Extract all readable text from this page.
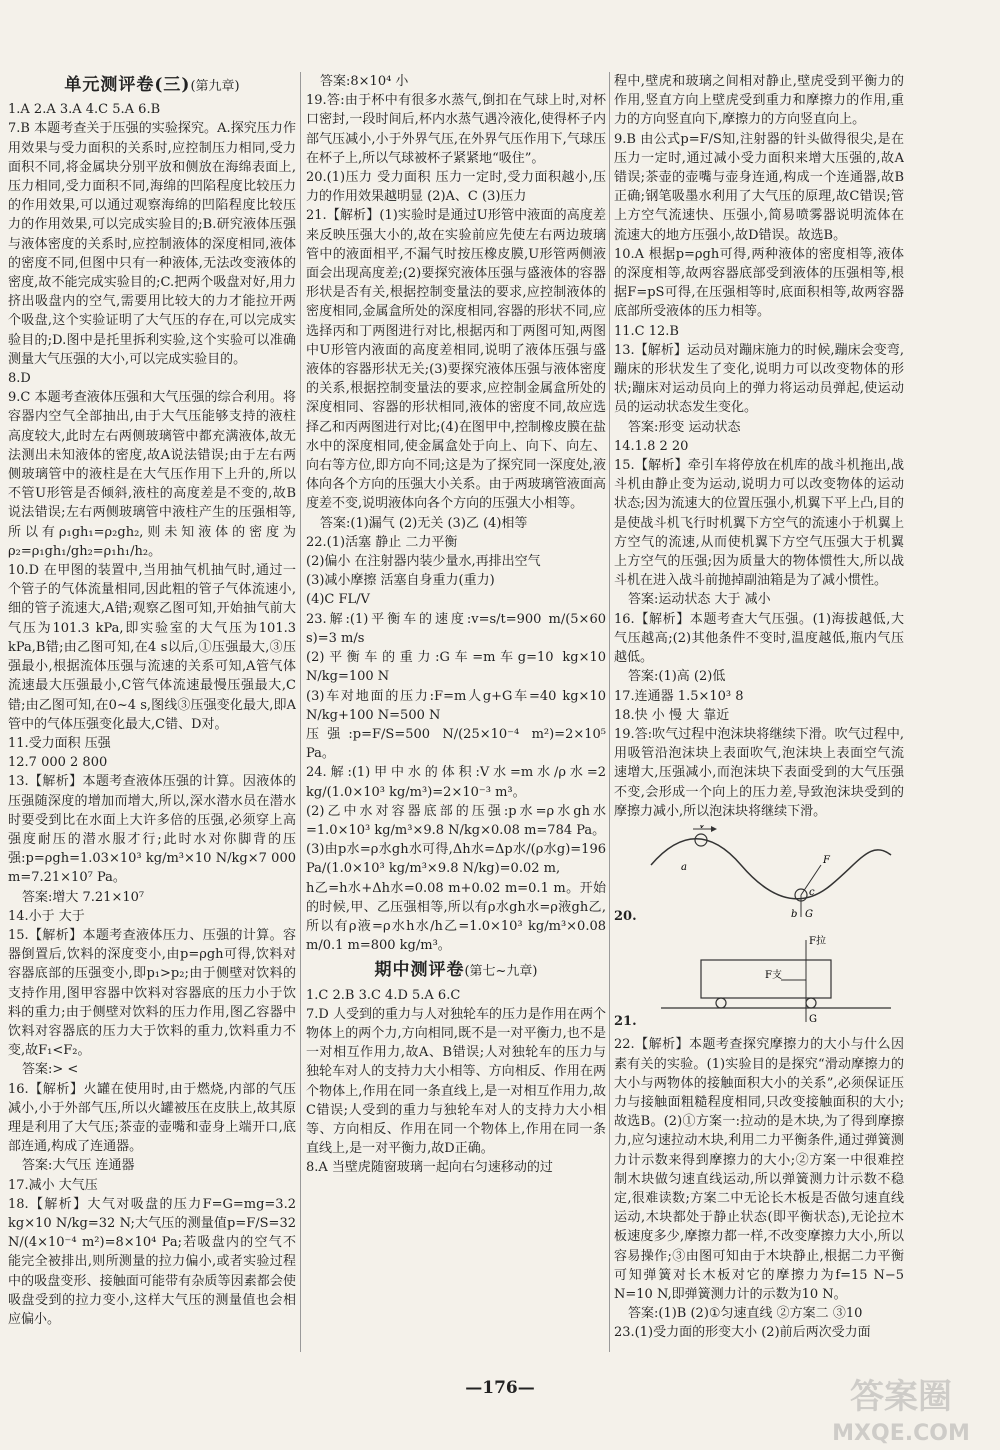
单元测评卷(三)(第九章)

1.A 2.A 3.A 4.C 5.A 6.B

7.B 本题考查关于压强的实验探究。A.探究压力作用效果与受力面积的关系时,应控制压力相同,受力面积不同,将金属块分别平放和侧放在海绵表面上,压力相同,受力面积不同,海绵的凹陷程度比较压力的作用效果,可以通过观察海绵的凹陷程度比较压力的作用效果,可以完成实验目的;B.研究液体压强与液体密度的关系时,应控制液体的深度相同,液体的密度不同,但图中只有一种液体,无法改变液体的密度,故不能完成实验目的;C.把两个吸盘对好,用力挤出吸盘内的空气,需要用比较大的力才能拉开两个吸盘,这个实验证明了大气压的存在,可以完成实验目的;D.图中是托里拆利实验,这个实验可以准确测量大气压强的大小,可以完成实验目的。

8.D

9.C 本题考查液体压强和大气压强的综合利用。将容器内空气全部抽出,由于大气压能够支持的液柱高度较大,此时左右两侧玻璃管中都充满液体,故无法测出未知液体的密度,故A说法错误;由于左右两侧玻璃管中的液柱是在大气压作用下上升的,所以不管U形管是否倾斜,液柱的高度差是不变的,故B说法错误;左右两侧玻璃管中液柱产生的压强相等,所以有ρ₁gh₁=ρ₂gh₂,则未知液体的密度为ρ₂=ρ₁gh₁/gh₂=ρ₁h₁/h₂。

10.D 在甲图的装置中,当用抽气机抽气时,通过一个管子的气体流量相同,因此粗的管子气体流速小,细的管子流速大,A错;观察乙图可知,开始抽气前大气压为101.3 kPa,即实验室的大气压为101.3 kPa,B错;由乙图可知,在4 s以后,①压强最大,③压强最小,根据流体压强与流速的关系可知,A管气体流速最大压强最小,C管气体流速最慢压强最大,C错;由乙图可知,在0~4 s,图线③压强变化最大,即A管中的气体压强变化最大,C错、D对。

11.受力面积 压强

12.7 000 2 800

13.【解析】本题考查液体压强的计算。因液体的压强随深度的增加而增大,所以,深水潜水员在潜水时要受到比在水面上大许多倍的压强,必须穿上高强度耐压的潜水服才行;此时水对你脚背的压强:p=ρgh=1.03×10³ kg/m³×10 N/kg×7 000 m=7.21×10⁷ Pa。

答案:增大 7.21×10⁷

14.小于 大于

15.【解析】本题考查液体压力、压强的计算。容器倒置后,饮料的深度变小,由p=ρgh可得,饮料对容器底部的压强变小,即p₁>p₂;由于侧壁对饮料的支持作用,图甲容器中饮料对容器底的压力小于饮料的重力;由于侧壁对饮料的压力作用,图乙容器中饮料对容器底的压力大于饮料的重力,饮料重力不变,故F₁<F₂。

答案:> <

16.【解析】火罐在使用时,由于燃烧,内部的气压减小,小于外部气压,所以火罐被压在皮肤上,故其原理是利用了大气压;茶壶的壶嘴和壶身上端开口,底部连通,构成了连通器。

答案:大气压 连通器

17.减小 大气压

18.【解析】大气对吸盘的压力F=G=mg=3.2 kg×10 N/kg=32 N;大气压的测量值p=F/S=32 N/(4×10⁻⁴ m²)=8×10⁴ Pa;若吸盘内的空气不能完全被排出,则所测量的拉力偏小,或者实验过程中的吸盘变形、接触面可能带有杂质等因素都会使吸盘受到的拉力变小,这样大气压的测量值也会相应偏小。

答案:8×10⁴ 小

19.答:由于杯中有很多水蒸气,倒扣在气球上时,对杯口密封,一段时间后,杯内水蒸气遇冷液化,使得杯子内部气压减小,小于外界气压,在外界气压作用下,气球压在杯子上,所以气球被杯子紧紧地“吸住”。

20.(1)压力 受力面积 压力一定时,受力面积越小,压力的作用效果越明显 (2)A、C (3)压力

21.【解析】(1)实验时是通过U形管中液面的高度差来反映压强大小的,故在实验前应先使左右两边玻璃管中的液面相平,不漏气时按压橡皮膜,U形管两侧液面会出现高度差;(2)要探究液体压强与盛液体的容器形状是否有关,根据控制变量法的要求,应控制液体的密度相同,金属盒所处的深度相同,容器的形状不同,应选择丙和丁两图进行对比,根据丙和丁两图可知,两图中U形管内液面的高度差相同,说明了液体压强与盛液体的容器形状无关;(3)要探究液体压强与液体密度的关系,根据控制变量法的要求,应控制金属盒所处的深度相同、容器的形状相同,液体的密度不同,故应选择乙和丙两图进行对比;(4)在图甲中,控制橡皮膜在盐水中的深度相同,使金属盒处于向上、向下、向左、向右等方位,即方向不同;这是为了探究同一深度处,液体向各个方向的压强大小关系。由于两玻璃管液面高度差不变,说明液体向各个方向的压强大小相等。

答案:(1)漏气 (2)无关 (3)乙 (4)相等

22.(1)活塞 静止 二力平衡

(2)偏小 在注射器内装少量水,再排出空气

(3)减小摩擦 活塞自身重力(重力)

(4)C FL/V

23.解:(1)平衡车的速度:v=s/t=900 m/(5×60 s)=3 m/s

(2)平衡车的重力:G车=m车g=10 kg×10 N/kg=100 N

(3)车对地面的压力:F=m人g+G车=40 kg×10 N/kg+100 N=500 N

压强:p=F/S=500 N/(25×10⁻⁴ m²)=2×10⁵ Pa。

24.解:(1)甲中水的体积:V水=m水/ρ水=2 kg/(1.0×10³ kg/m³)=2×10⁻³ m³。

(2)乙中水对容器底部的压强:p水=ρ水gh水=1.0×10³ kg/m³×9.8 N/kg×0.08 m=784 Pa。

(3)由p水=ρ水gh水可得,Δh水=Δp水/(ρ水g)=196 Pa/(1.0×10³ kg/m³×9.8 N/kg)=0.02 m,

h乙=h水+Δh水=0.08 m+0.02 m=0.1 m。开始的时候,甲、乙压强相等,所以有ρ水gh水=ρ液gh乙,所以有ρ液=ρ水h水/h乙=1.0×10³ kg/m³×0.08 m/0.1 m=800 kg/m³。

期中测评卷(第七~九章)

1.C 2.B 3.C 4.D 5.A 6.C

7.D 人受到的重力与人对独轮车的压力是作用在两个物体上的两个力,方向相同,既不是一对平衡力,也不是一对相互作用力,故A、B错误;人对独轮车的压力与独轮车对人的支持力大小相等、方向相反、作用在两个物体上,作用在同一条直线上,是一对相互作用力,故C错误;人受到的重力与独轮车对人的支持力大小相等、方向相反、作用在同一个物体上,作用在同一条直线上,是一对平衡力,故D正确。

8.A 当壁虎随窗玻璃一起向右匀速移动的过

程中,壁虎和玻璃之间相对静止,壁虎受到平衡力的作用,竖直方向上壁虎受到重力和摩擦力的作用,重力的方向竖直向下,摩擦力的方向竖直向上。

9.B 由公式p=F/S知,注射器的针头做得很尖,是在压力一定时,通过减小受力面积来增大压强的,故A错误;茶壶的壶嘴与壶身连通,构成一个连通器,故B正确;钢笔吸墨水利用了大气压的原理,故C错误;管上方空气流速快、压强小,简易喷雾器说明流体在流速大的地方压强小,故D错误。故选B。

10.A 根据p=ρgh可得,两种液体的密度相等,液体的深度相等,故两容器底部受到液体的压强相等,根据F=pS可得,在压强相等时,底面积相等,故两容器底部所受液体的压力相等。

11.C 12.B

13.【解析】运动员对蹦床施力的时候,蹦床会变弯,蹦床的形状发生了变化,说明力可以改变物体的形状;蹦床对运动员向上的弹力将运动员弹起,使运动员的运动状态发生变化。

答案:形变 运动状态

14.1.8 2 20

15.【解析】牵引车将停放在机库的战斗机拖出,战斗机由静止变为运动,说明力可以改变物体的运动状态;因为流速大的位置压强小,机翼下平上凸,目的是使战斗机飞行时机翼下方空气的流速小于机翼上方空气的流速,从而使机翼下方空气压强大于机翼上方空气的压强;因为质量大的物体惯性大,所以战斗机在进入战斗前抛掉副油箱是为了减小惯性。

答案:运动状态 大于 减小

16.【解析】本题考查大气压强。(1)海拔越低,大气压越高;(2)其他条件不变时,温度越低,瓶内气压越低。

答案:(1)高 (2)低

17.连通器 1.5×10³ 8

18.快 小 慢 大 靠近

19.答:吹气过程中泡沫块将继续下滑。吹气过程中,用吸管沿泡沫块上表面吹气,泡沫块上表面空气流速增大,压强减小,而泡沫块下表面受到的大气压强不变,会形成一个向上的压力差,导致泡沫块受到的摩擦力减小,所以泡沫块将继续下滑。

20.
v
F
a
b
c
G
21.
F拉
F支
G

22.【解析】本题考查探究摩擦力的大小与什么因素有关的实验。(1)实验目的是探究“滑动摩擦力的大小与两物体的接触面积大小的关系”,必须保证压力与接触面粗糙程度相同,只改变接触面积的大小;故选B。(2)①方案一:拉动的是木块,为了得到摩擦力,应匀速拉动木块,利用二力平衡条件,通过弹簧测力计示数来得到摩擦力的大小;②方案一中很难控制木块做匀速直线运动,所以弹簧测力计示数不稳定,很难读数;方案二中无论长木板是否做匀速直线运动,木块都处于静止状态(即平衡状态),无论拉木板速度多少,摩擦力都一样,不改变摩擦力大小,所以容易操作;③由图可知由于木块静止,根据二力平衡可知弹簧对长木板对它的摩擦力为f=15 N−5 N=10 N,即弹簧测力计的示数为10 N。

答案:(1)B (2)①匀速直线 ②方案二 ③10

23.(1)受力面的形变大小 (2)前后两次受力面

—176—	答案圈
MXQE.COM
